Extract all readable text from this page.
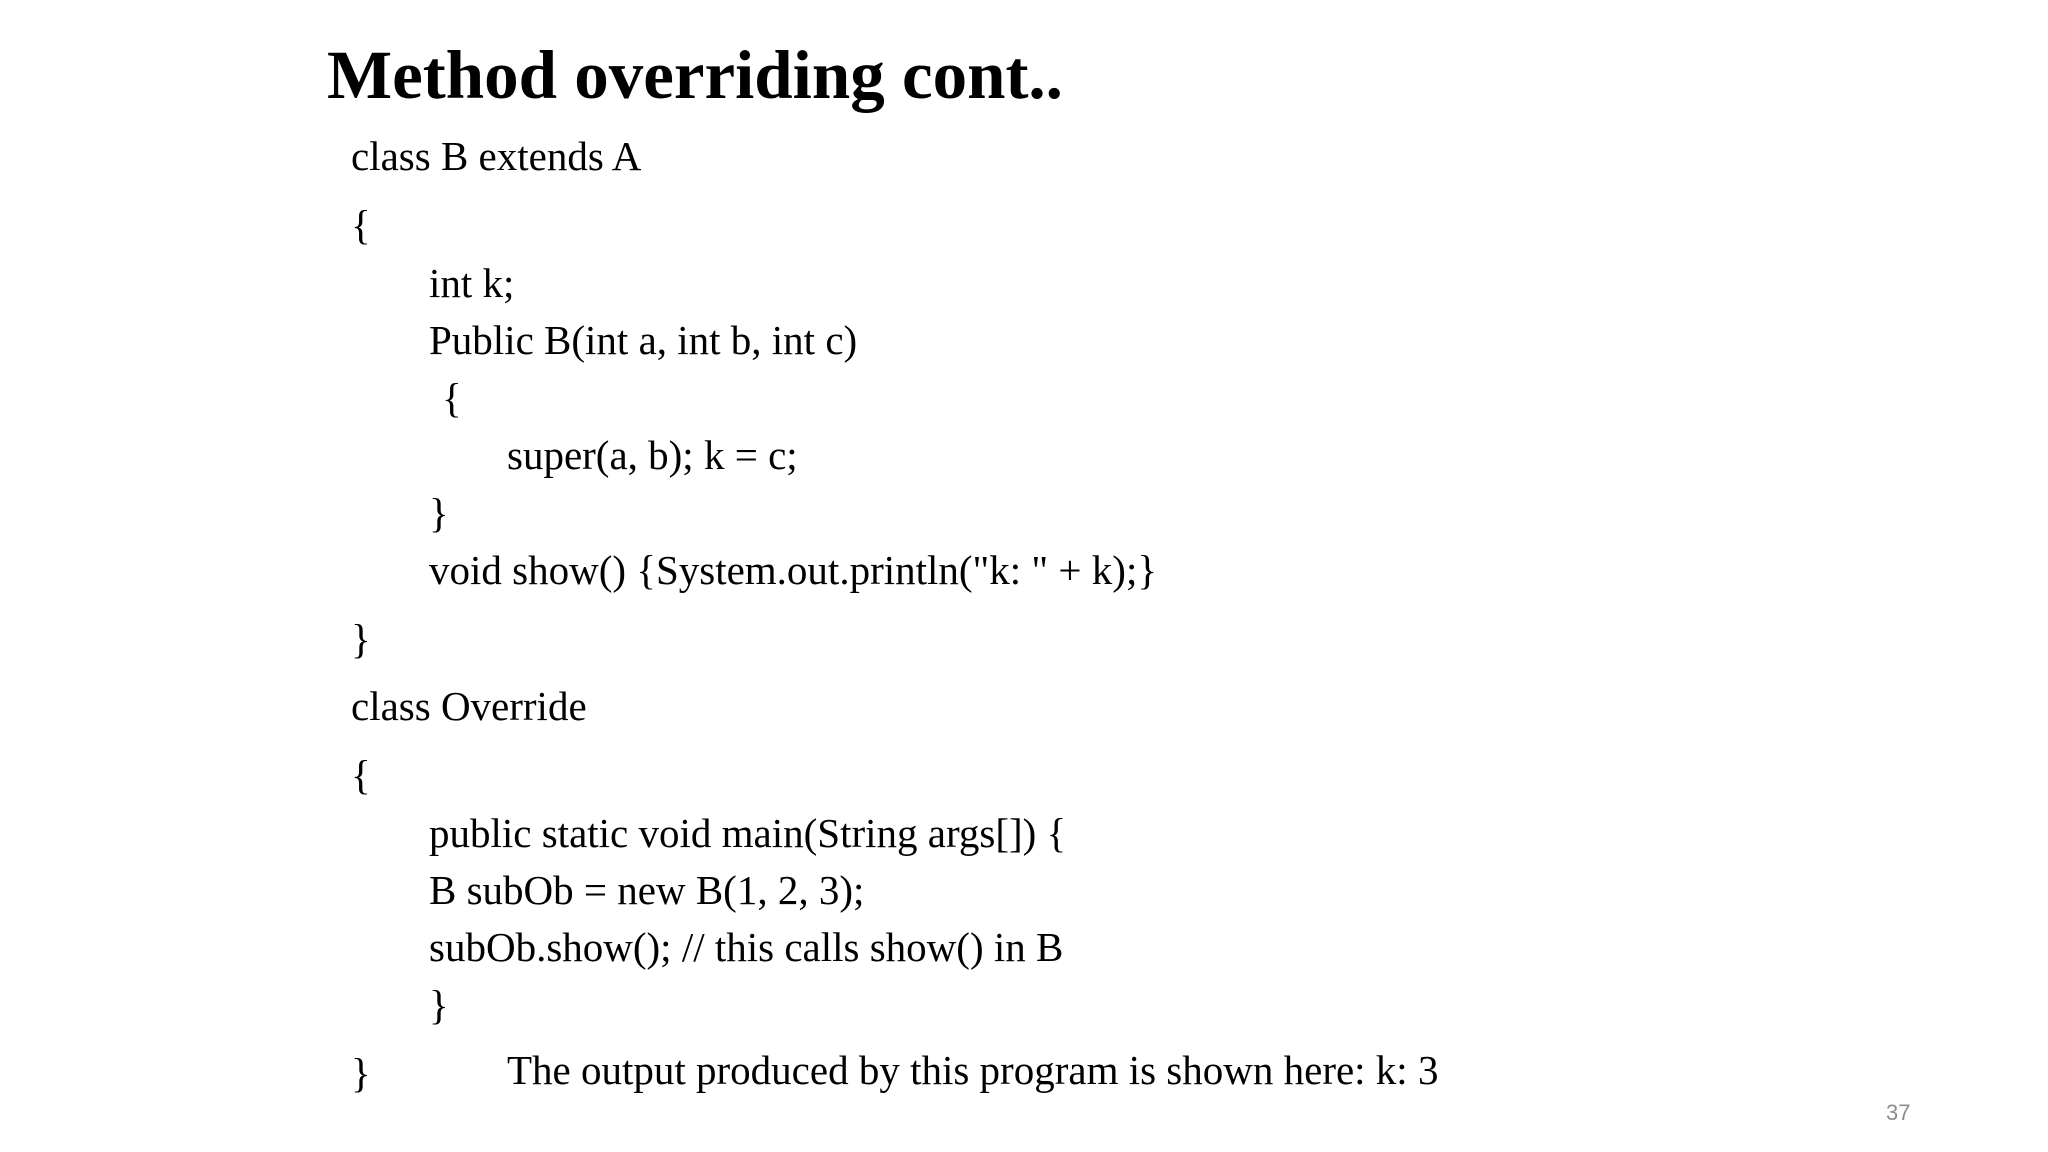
Method overriding cont..

class B extends A

{

int k;

Public B(int a, int b, int c)

{

super(a, b); k = c;

}

void show() {System.out.println("k: " + k);}

}

class Override

{

public static void main(String args[]) {

B subOb = new B(1, 2, 3);

subOb.show(); // this calls show() in B

}

}	The output produced by this program is shown here: k: 3

37
